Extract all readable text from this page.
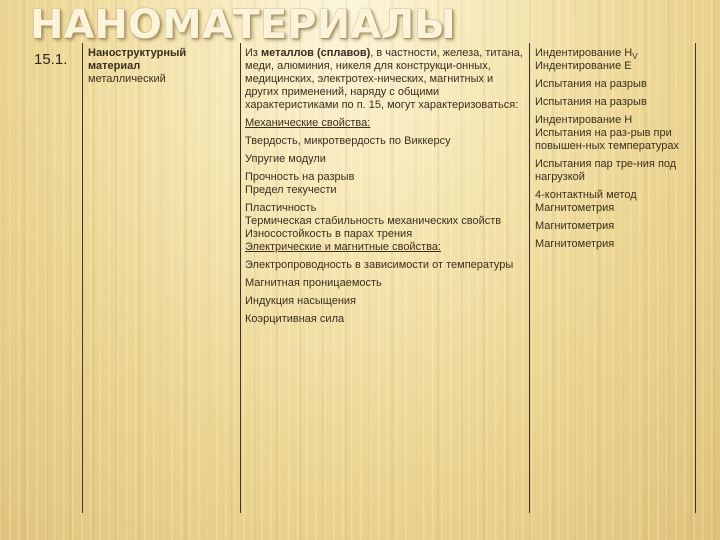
НАНОМАТЕРИАЛЫ
15.1. Наноструктурный материал

металлический

Из металлов (сплавов), в частности, железа, титана, меди, алюминия, никеля для конструкци-онных, медицинских, электротех-нических, магнитных и других применений, наряду с общими характеристиками по п. 15, могут характеризоваться:

Механические свойства:

Твердость, микротвердость по Виккерсу

Упругие модули

Прочность на разрыв

Предел текучести

Пластичность

Термическая стабильность механических свойств

Износостойкость в парах трения

Электрические и магнитные свойства:

Электропроводность в зависимости от температуры

Магнитная проницаемость

Индукция насыщения

Коэрцитивная сила

Индентирование $H_V$

Индентирование E

Испытания на разрыв

Испытания на разрыв

Индентирование H

Испытания на раз-рыв при повышен-ных температурах

Испытания пар тре-ния под нагрузкой

4-контактный метод

Магнитометрия

Магнитометрия

Магнитометрия
